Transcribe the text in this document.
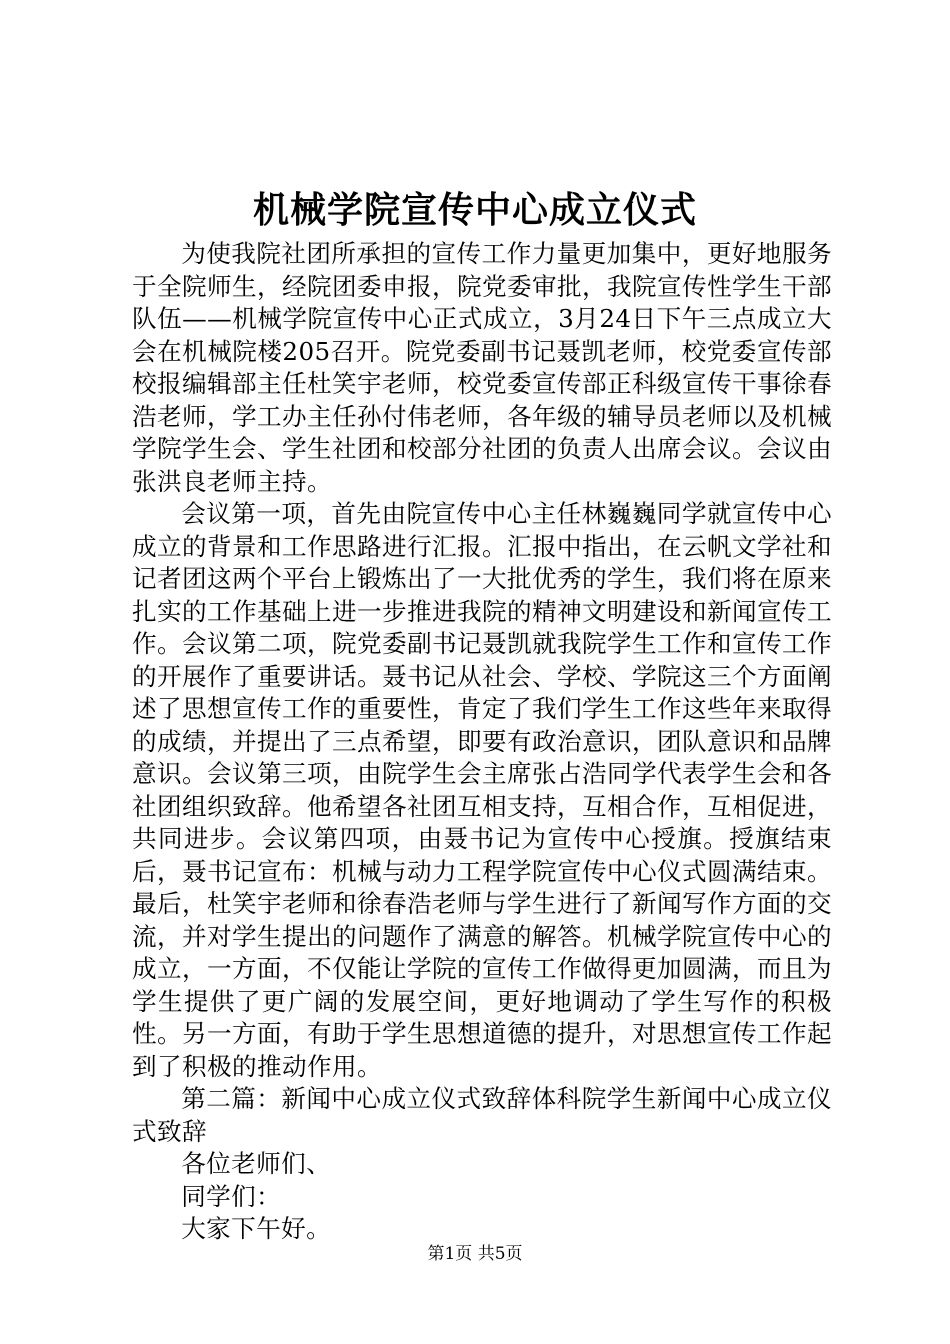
机械学院宣传中心成立仪式

为使我院社团所承担的宣传工作力量更加集中，更好地服务于全院师生，经院团委申报，院党委审批，我院宣传性学生干部队伍——机械学院宣传中心正式成立，3月24日下午三点成立大会在机械院楼205召开。院党委副书记聂凯老师，校党委宣传部校报编辑部主任杜笑宇老师，校党委宣传部正科级宣传干事徐春浩老师，学工办主任孙付伟老师，各年级的辅导员老师以及机械学院学生会、学生社团和校部分社团的负责人出席会议。会议由张洪良老师主持。

会议第一项，首先由院宣传中心主任林巍巍同学就宣传中心成立的背景和工作思路进行汇报。汇报中指出，在云帆文学社和记者团这两个平台上锻炼出了一大批优秀的学生，我们将在原来扎实的工作基础上进一步推进我院的精神文明建设和新闻宣传工作。会议第二项，院党委副书记聂凯就我院学生工作和宣传工作的开展作了重要讲话。聂书记从社会、学校、学院这三个方面阐述了思想宣传工作的重要性，肯定了我们学生工作这些年来取得的成绩，并提出了三点希望，即要有政治意识，团队意识和品牌意识。会议第三项，由院学生会主席张占浩同学代表学生会和各社团组织致辞。他希望各社团互相支持，互相合作，互相促进，共同进步。会议第四项，由聂书记为宣传中心授旗。授旗结束后，聂书记宣布：机械与动力工程学院宣传中心仪式圆满结束。最后，杜笑宇老师和徐春浩老师与学生进行了新闻写作方面的交流，并对学生提出的问题作了满意的解答。机械学院宣传中心的成立，一方面，不仅能让学院的宣传工作做得更加圆满，而且为学生提供了更广阔的发展空间，更好地调动了学生写作的积极性。另一方面，有助于学生思想道德的提升，对思想宣传工作起到了积极的推动作用。

第二篇：新闻中心成立仪式致辞体科院学生新闻中心成立仪式致辞

各位老师们、

同学们：

大家下午好。

第1页 共5页
